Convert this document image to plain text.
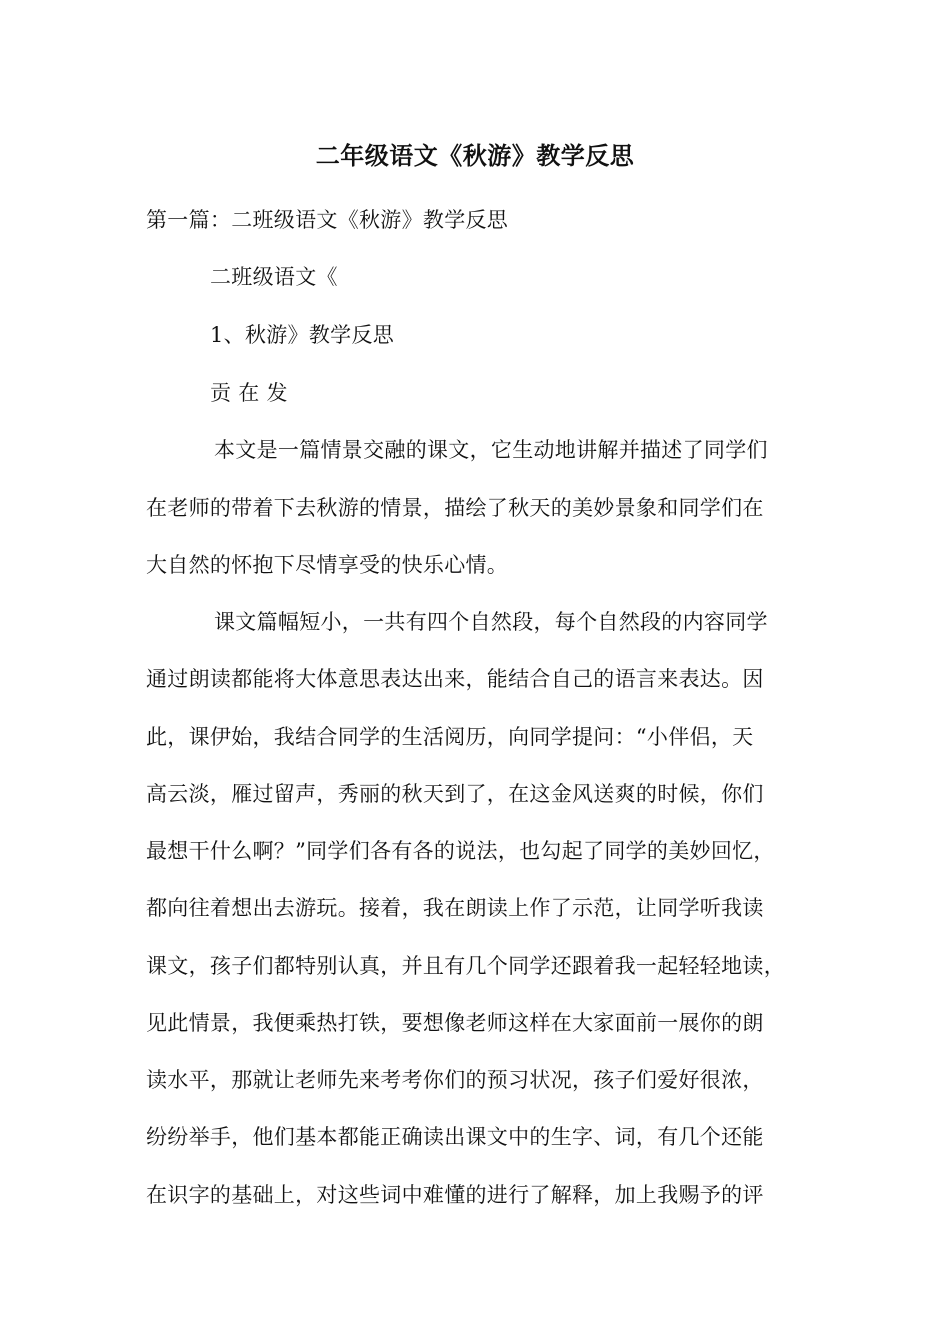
二年级语文《秋游》教学反思
第一篇：二班级语文《秋游》教学反思
二班级语文《
1、秋游》教学反思
贡 在 发
本文是一篇情景交融的课文，它生动地讲解并描述了同学们
在老师的带着下去秋游的情景，描绘了秋天的美妙景象和同学们在
大自然的怀抱下尽情享受的快乐心情。
课文篇幅短小，一共有四个自然段，每个自然段的内容同学
通过朗读都能将大体意思表达出来，能结合自己的语言来表达。因
此，课伊始，我结合同学的生活阅历，向同学提问：“小伴侣，天
高云淡，雁过留声，秀丽的秋天到了，在这金风送爽的时候，你们
最想干什么啊？”同学们各有各的说法，也勾起了同学的美妙回忆，
都向往着想出去游玩。接着，我在朗读上作了示范，让同学听我读
课文，孩子们都特别认真，并且有几个同学还跟着我一起轻轻地读，
见此情景，我便乘热打铁，要想像老师这样在大家面前一展你的朗
读水平，那就让老师先来考考你们的预习状况，孩子们爱好很浓，
纷纷举手，他们基本都能正确读出课文中的生字、词，有几个还能
在识字的基础上，对这些词中难懂的进行了解释，加上我赐予的评
